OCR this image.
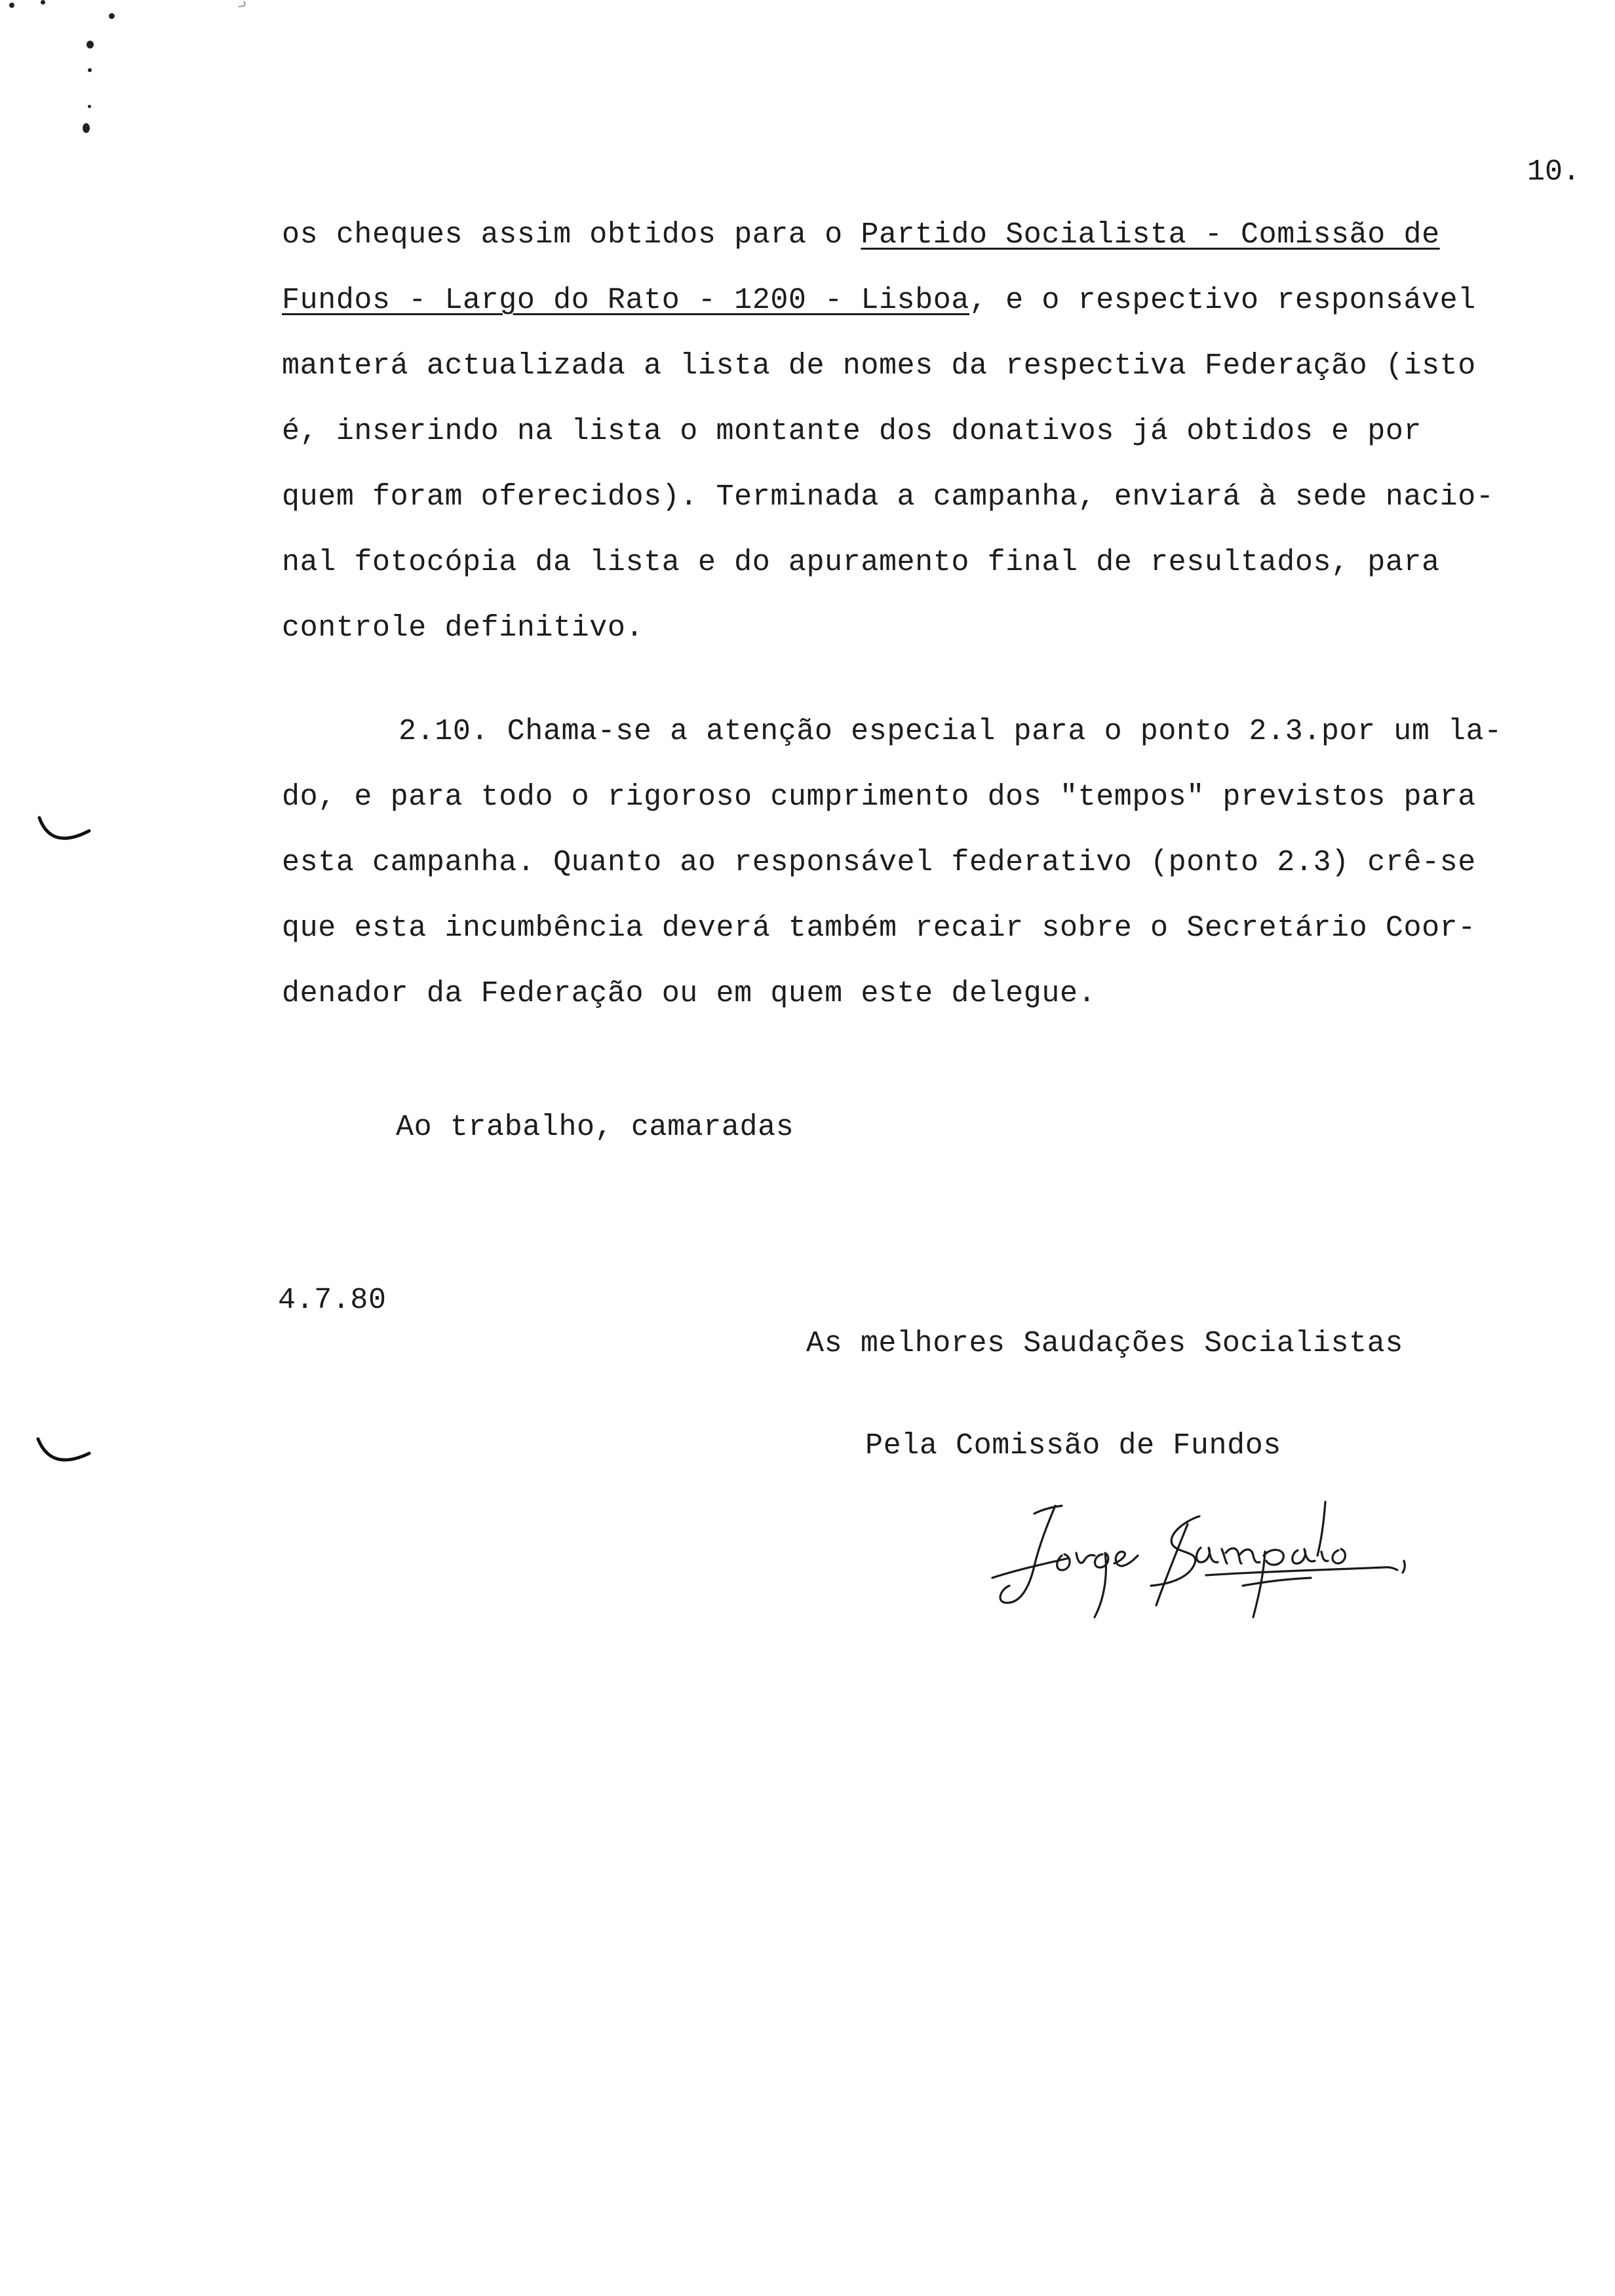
10.
os cheques assim obtidos para o Partido Socialista - Comissão de
Fundos - Largo do Rato - 1200 - Lisboa, e o respectivo responsável
manterá actualizada a lista de nomes da respectiva Federação (isto
é, inserindo na lista o montante dos donativos já obtidos e por
quem foram oferecidos). Terminada a campanha, enviará à sede nacio-
nal fotocópia da lista e do apuramento final de resultados, para
controle definitivo.
2.10. Chama-se a atenção especial para o ponto 2.3.por um la-
do, e para todo o rigoroso cumprimento dos "tempos" previstos para
esta campanha. Quanto ao responsável federativo (ponto 2.3) crê-se
que esta incumbência deverá também recair sobre o Secretário Coor-
denador da Federação ou em quem este delegue.
Ao trabalho, camaradas
4.7.80
As melhores Saudações Socialistas
Pela Comissão de Fundos
